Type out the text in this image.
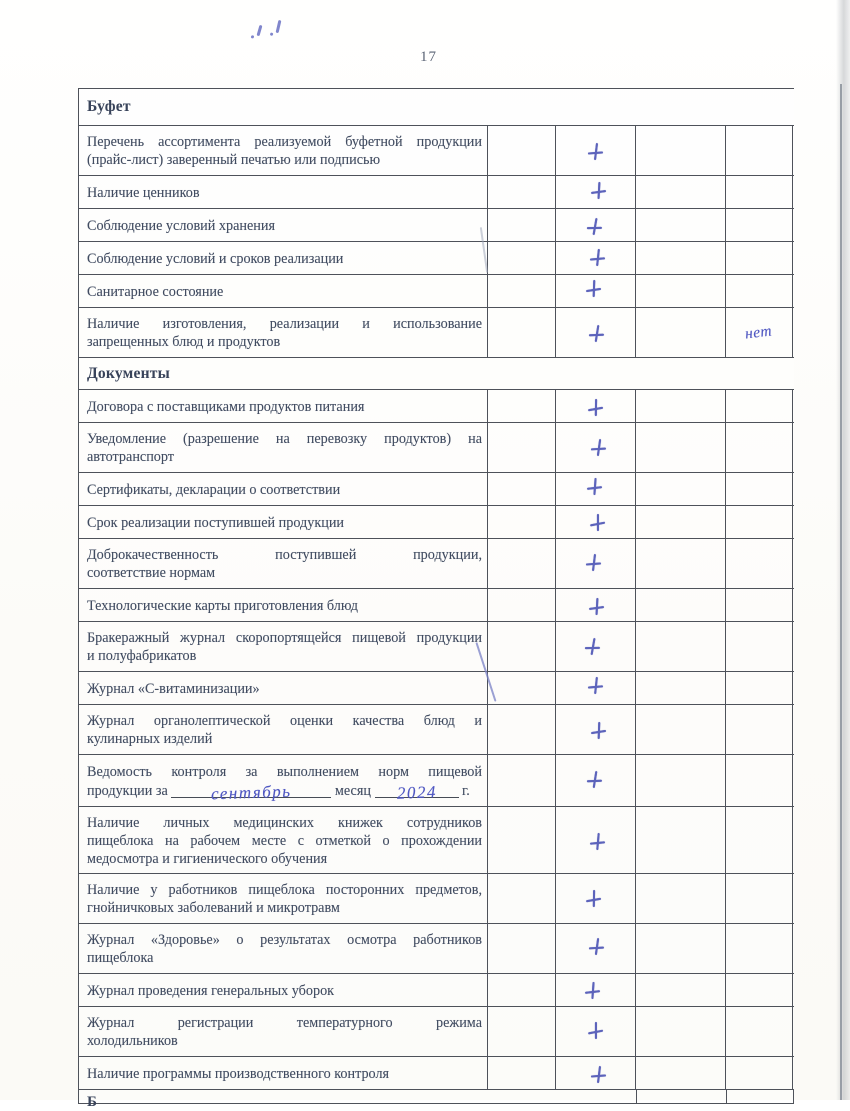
17
Буфет
Перечень ассортимента реализуемой буфетной продукции
(прайс-лист) заверенный печатью или подписью
Наличие ценников
Соблюдение условий хранения
Соблюдение условий и сроков реализации
Санитарное состояние
Наличие изготовления, реализации и использование
запрещенных блюд и продуктов	нет
Документы
Договора с поставщиками продуктов питания
Уведомление (разрешение на перевозку продуктов) на
автотранспорт
Сертификаты, декларации о соответствии
Срок реализации поступившей продукции
Доброкачественность поступившей продукции,
соответствие нормам
Технологические карты приготовления блюд
Бракеражный журнал скоропортящейся пищевой продукции
и полуфабрикатов
Журнал «С-витаминизации»
Журнал органолептической оценки качества блюд и
кулинарных изделий
Ведомость контроля за выполнением норм пищевой
продукции за сентябрь	месяц 2024 г.
Наличие личных медицинских книжек сотрудников
пищеблока на рабочем месте с отметкой о прохождении
медосмотра и гигиенического обучения
Наличие у работников пищеблока посторонних предметов,
гнойничковых заболеваний и микротравм
Журнал «Здоровье» о результатах осмотра работников
пищеблока
Журнал проведения генеральных уборок
Журнал регистрации температурного режима
холодильников
Наличие программы производственного контроля
Б
